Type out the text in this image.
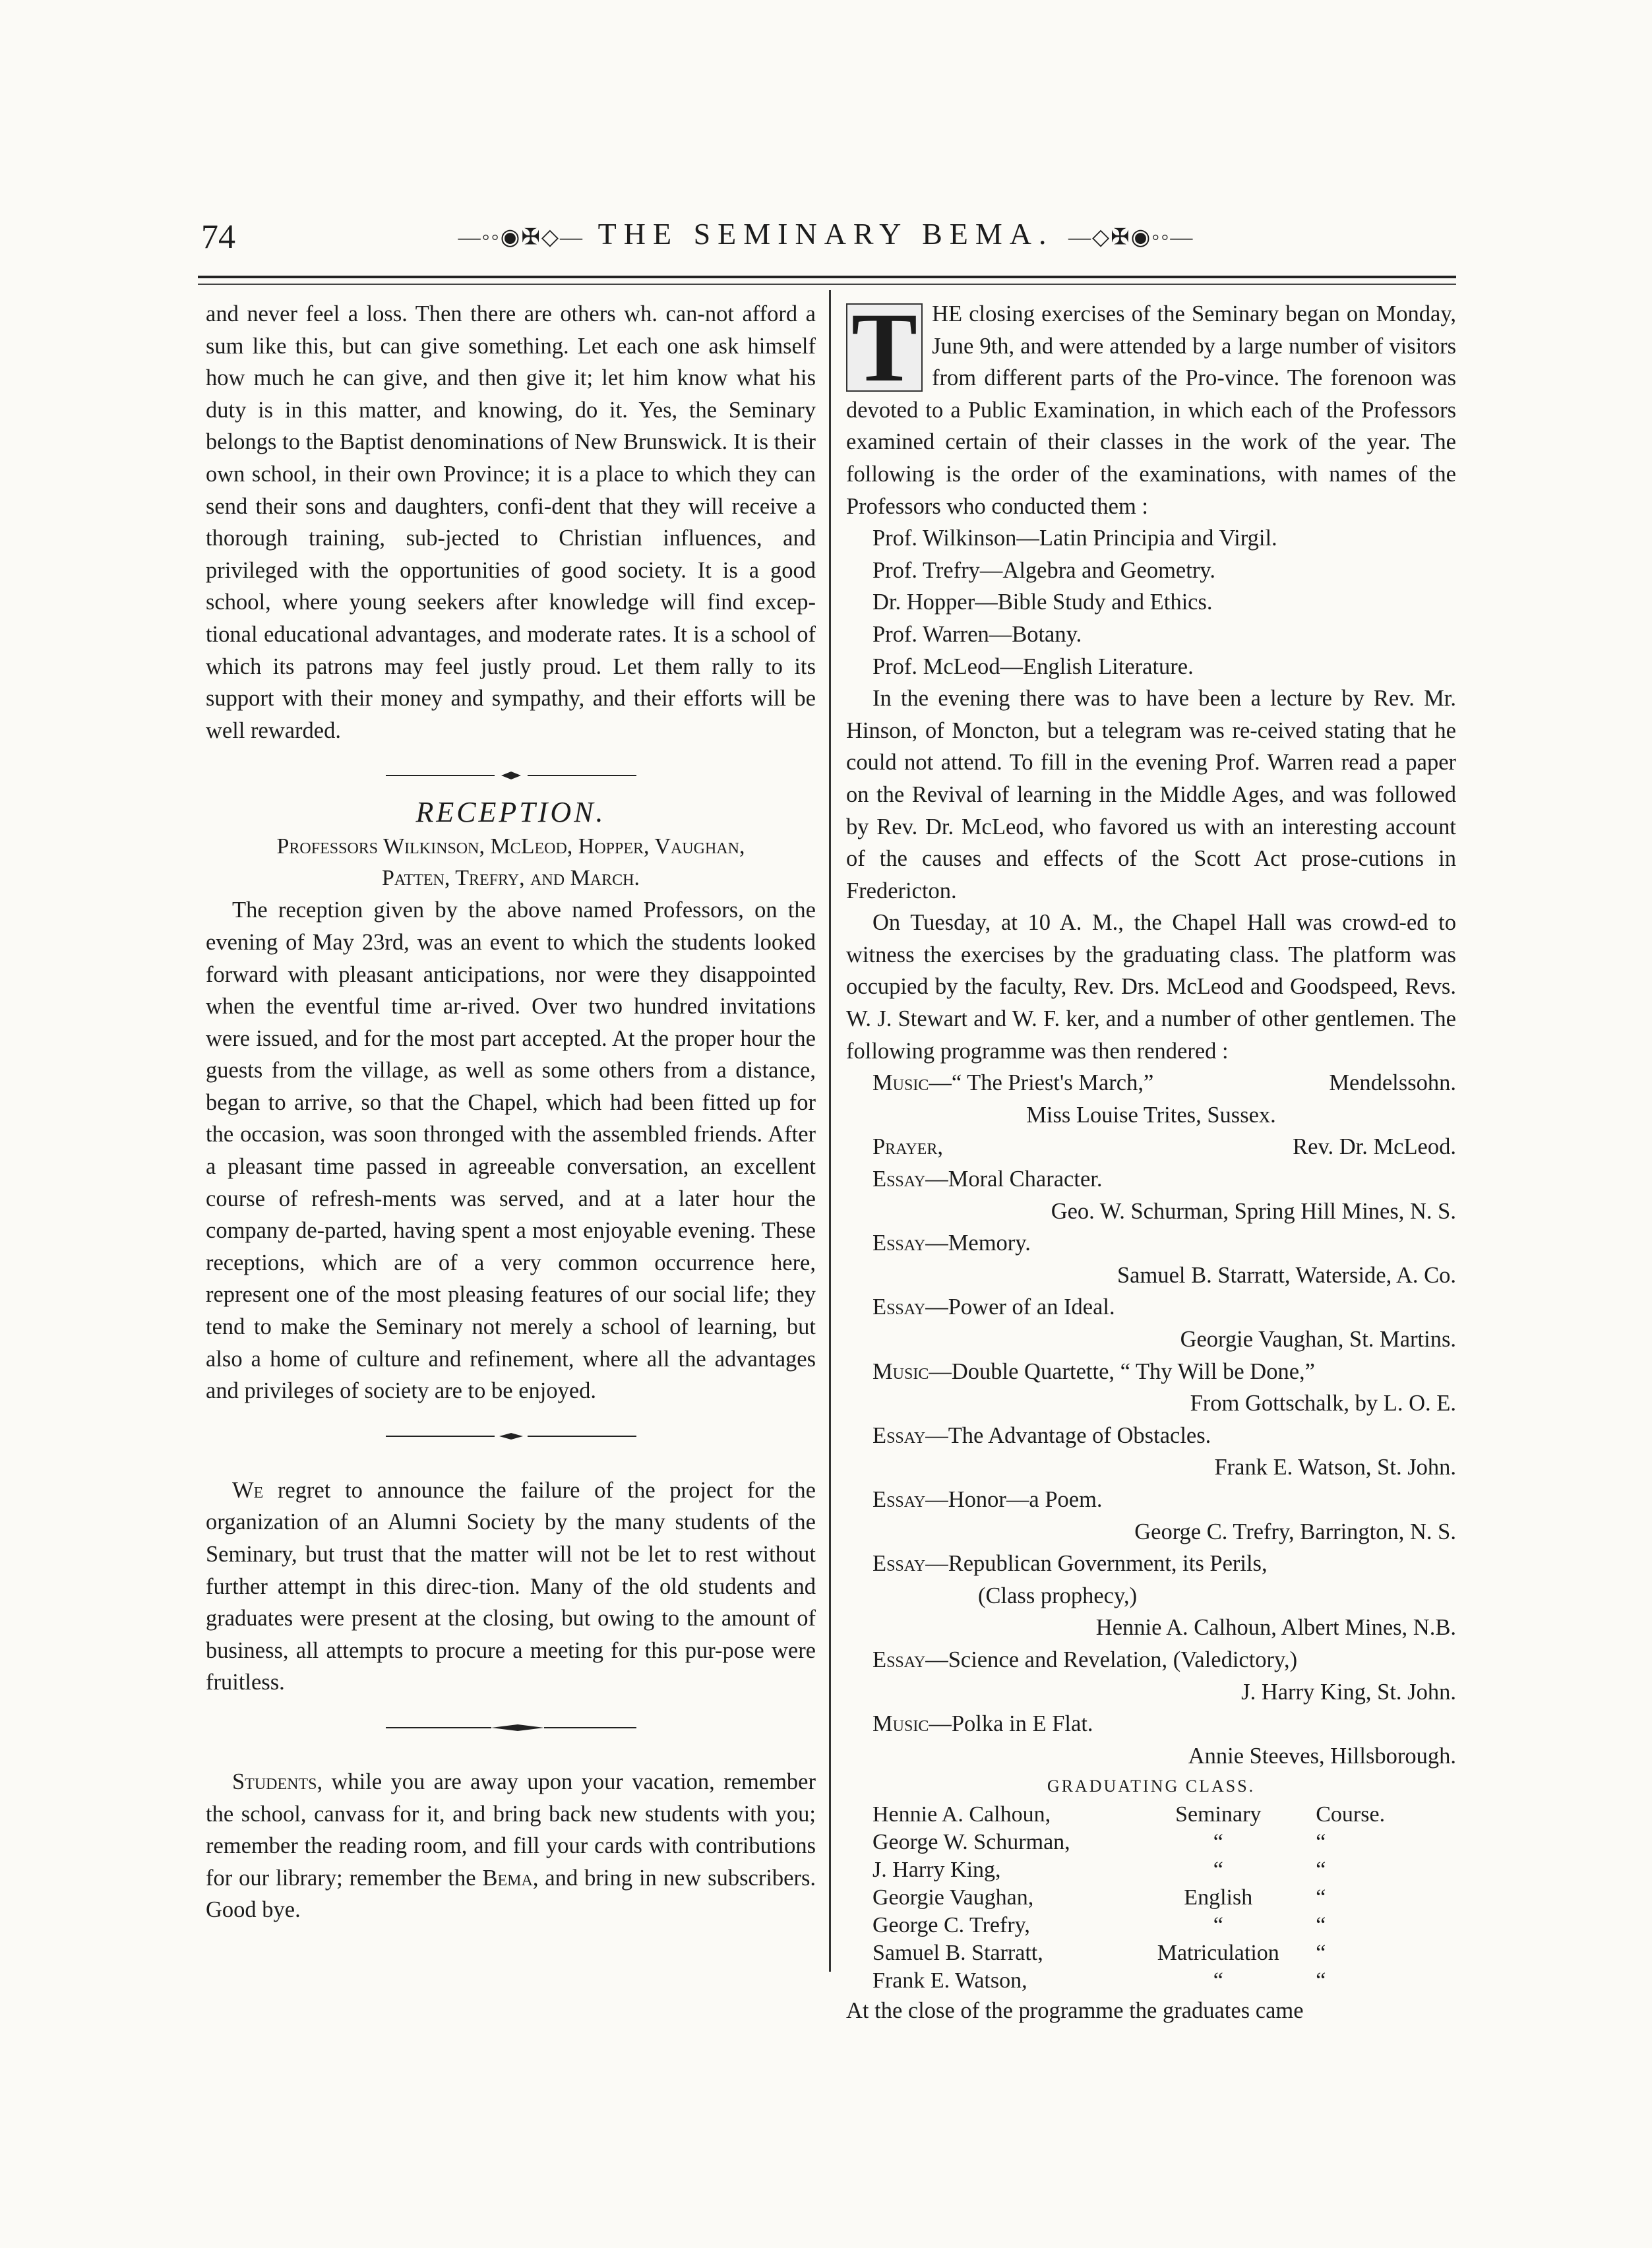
74	—◦◦◉✠◇— THE SEMINARY BEMA. —◇✠◉◦◦—

and never feel a loss. Then there are others wh. can-not afford a sum like this, but can give something. Let each one ask himself how much he can give, and then give it; let him know what his duty is in this matter, and knowing, do it. Yes, the Seminary belongs to the Baptist denominations of New Brunswick. It is their own school, in their own Province; it is a place to which they can send their sons and daughters, confi-dent that they will receive a thorough training, sub-jected to Christian influences, and privileged with the opportunities of good society. It is a good school, where young seekers after knowledge will find excep-tional educational advantages, and moderate rates. It is a school of which its patrons may feel justly proud. Let them rally to its support with their money and sympathy, and their efforts will be well rewarded.

RECEPTION.

Professors Wilkinson, McLeod, Hopper, Vaughan,

Patten, Trefry, and March.

The reception given by the above named Professors, on the evening of May 23rd, was an event to which the students looked forward with pleasant anticipations, nor were they disappointed when the eventful time ar-rived. Over two hundred invitations were issued, and for the most part accepted. At the proper hour the guests from the village, as well as some others from a distance, began to arrive, so that the Chapel, which had been fitted up for the occasion, was soon thronged with the assembled friends. After a pleasant time passed in agreeable conversation, an excellent course of refresh-ments was served, and at a later hour the company de-parted, having spent a most enjoyable evening. These receptions, which are of a very common occurrence here, represent one of the most pleasing features of our social life; they tend to make the Seminary not merely a school of learning, but also a home of culture and refinement, where all the advantages and privileges of society are to be enjoyed.

We regret to announce the failure of the project for the organization of an Alumni Society by the many students of the Seminary, but trust that the matter will not be let to rest without further attempt in this direc-tion. Many of the old students and graduates were present at the closing, but owing to the amount of business, all attempts to procure a meeting for this pur-pose were fruitless.

Students, while you are away upon your vacation, remember the school, canvass for it, and bring back new students with you; remember the reading room, and fill your cards with contributions for our library; remember the Bema, and bring in new subscribers. Good bye.

T HE closing exercises of the Seminary began on Monday, June 9th, and were attended by a large number of visitors from different parts of the Pro-vince. The forenoon was devoted to a Public Examination, in which each of the Professors examined certain of their classes in the work of the year. The following is the order of the examinations, with names of the Professors who conducted them :

Prof. Wilkinson—Latin Principia and Virgil.
Prof. Trefry—Algebra and Geometry.
Dr. Hopper—Bible Study and Ethics.
Prof. Warren—Botany.
Prof. McLeod—English Literature.

In the evening there was to have been a lecture by Rev. Mr. Hinson, of Moncton, but a telegram was re-ceived stating that he could not attend. To fill in the evening Prof. Warren read a paper on the Revival of learning in the Middle Ages, and was followed by Rev. Dr. McLeod, who favored us with an interesting account of the causes and effects of the Scott Act prose-cutions in Fredericton.

On Tuesday, at 10 A. M., the Chapel Hall was crowd-ed to witness the exercises by the graduating class. The platform was occupied by the faculty, Rev. Drs. McLeod and Goodspeed, Revs. W. J. Stewart and W. F. ker, and a number of other gentlemen. The following programme was then rendered :

Music—“ The Priest's March,”	Mendelssohn.
Miss Louise Trites, Sussex.
Prayer,	Rev. Dr. McLeod.
Essay—Moral Character.
Geo. W. Schurman, Spring Hill Mines, N. S.
Essay—Memory.
Samuel B. Starratt, Waterside, A. Co.
Essay—Power of an Ideal.
Georgie Vaughan, St. Martins.
Music—Double Quartette, “ Thy Will be Done,”
From Gottschalk, by L. O. E.
Essay—The Advantage of Obstacles.
Frank E. Watson, St. John.
Essay—Honor—a Poem.
George C. Trefry, Barrington, N. S.
Essay—Republican Government, its Perils,
(Class prophecy,)
Hennie A. Calhoun, Albert Mines, N.B.
Essay—Science and Revelation, (Valedictory,)
J. Harry King, St. John.
Music—Polka in E Flat.
Annie Steeves, Hillsborough.
GRADUATING CLASS.
Hennie A. Calhoun,	Seminary	Course.
George W. Schurman,	“	“
J. Harry King,	“	“
Georgie Vaughan,	English	“
George C. Trefry,	“	“
Samuel B. Starratt,	Matriculation	“
Frank E. Watson,	“	“

At the close of the programme the graduates came
